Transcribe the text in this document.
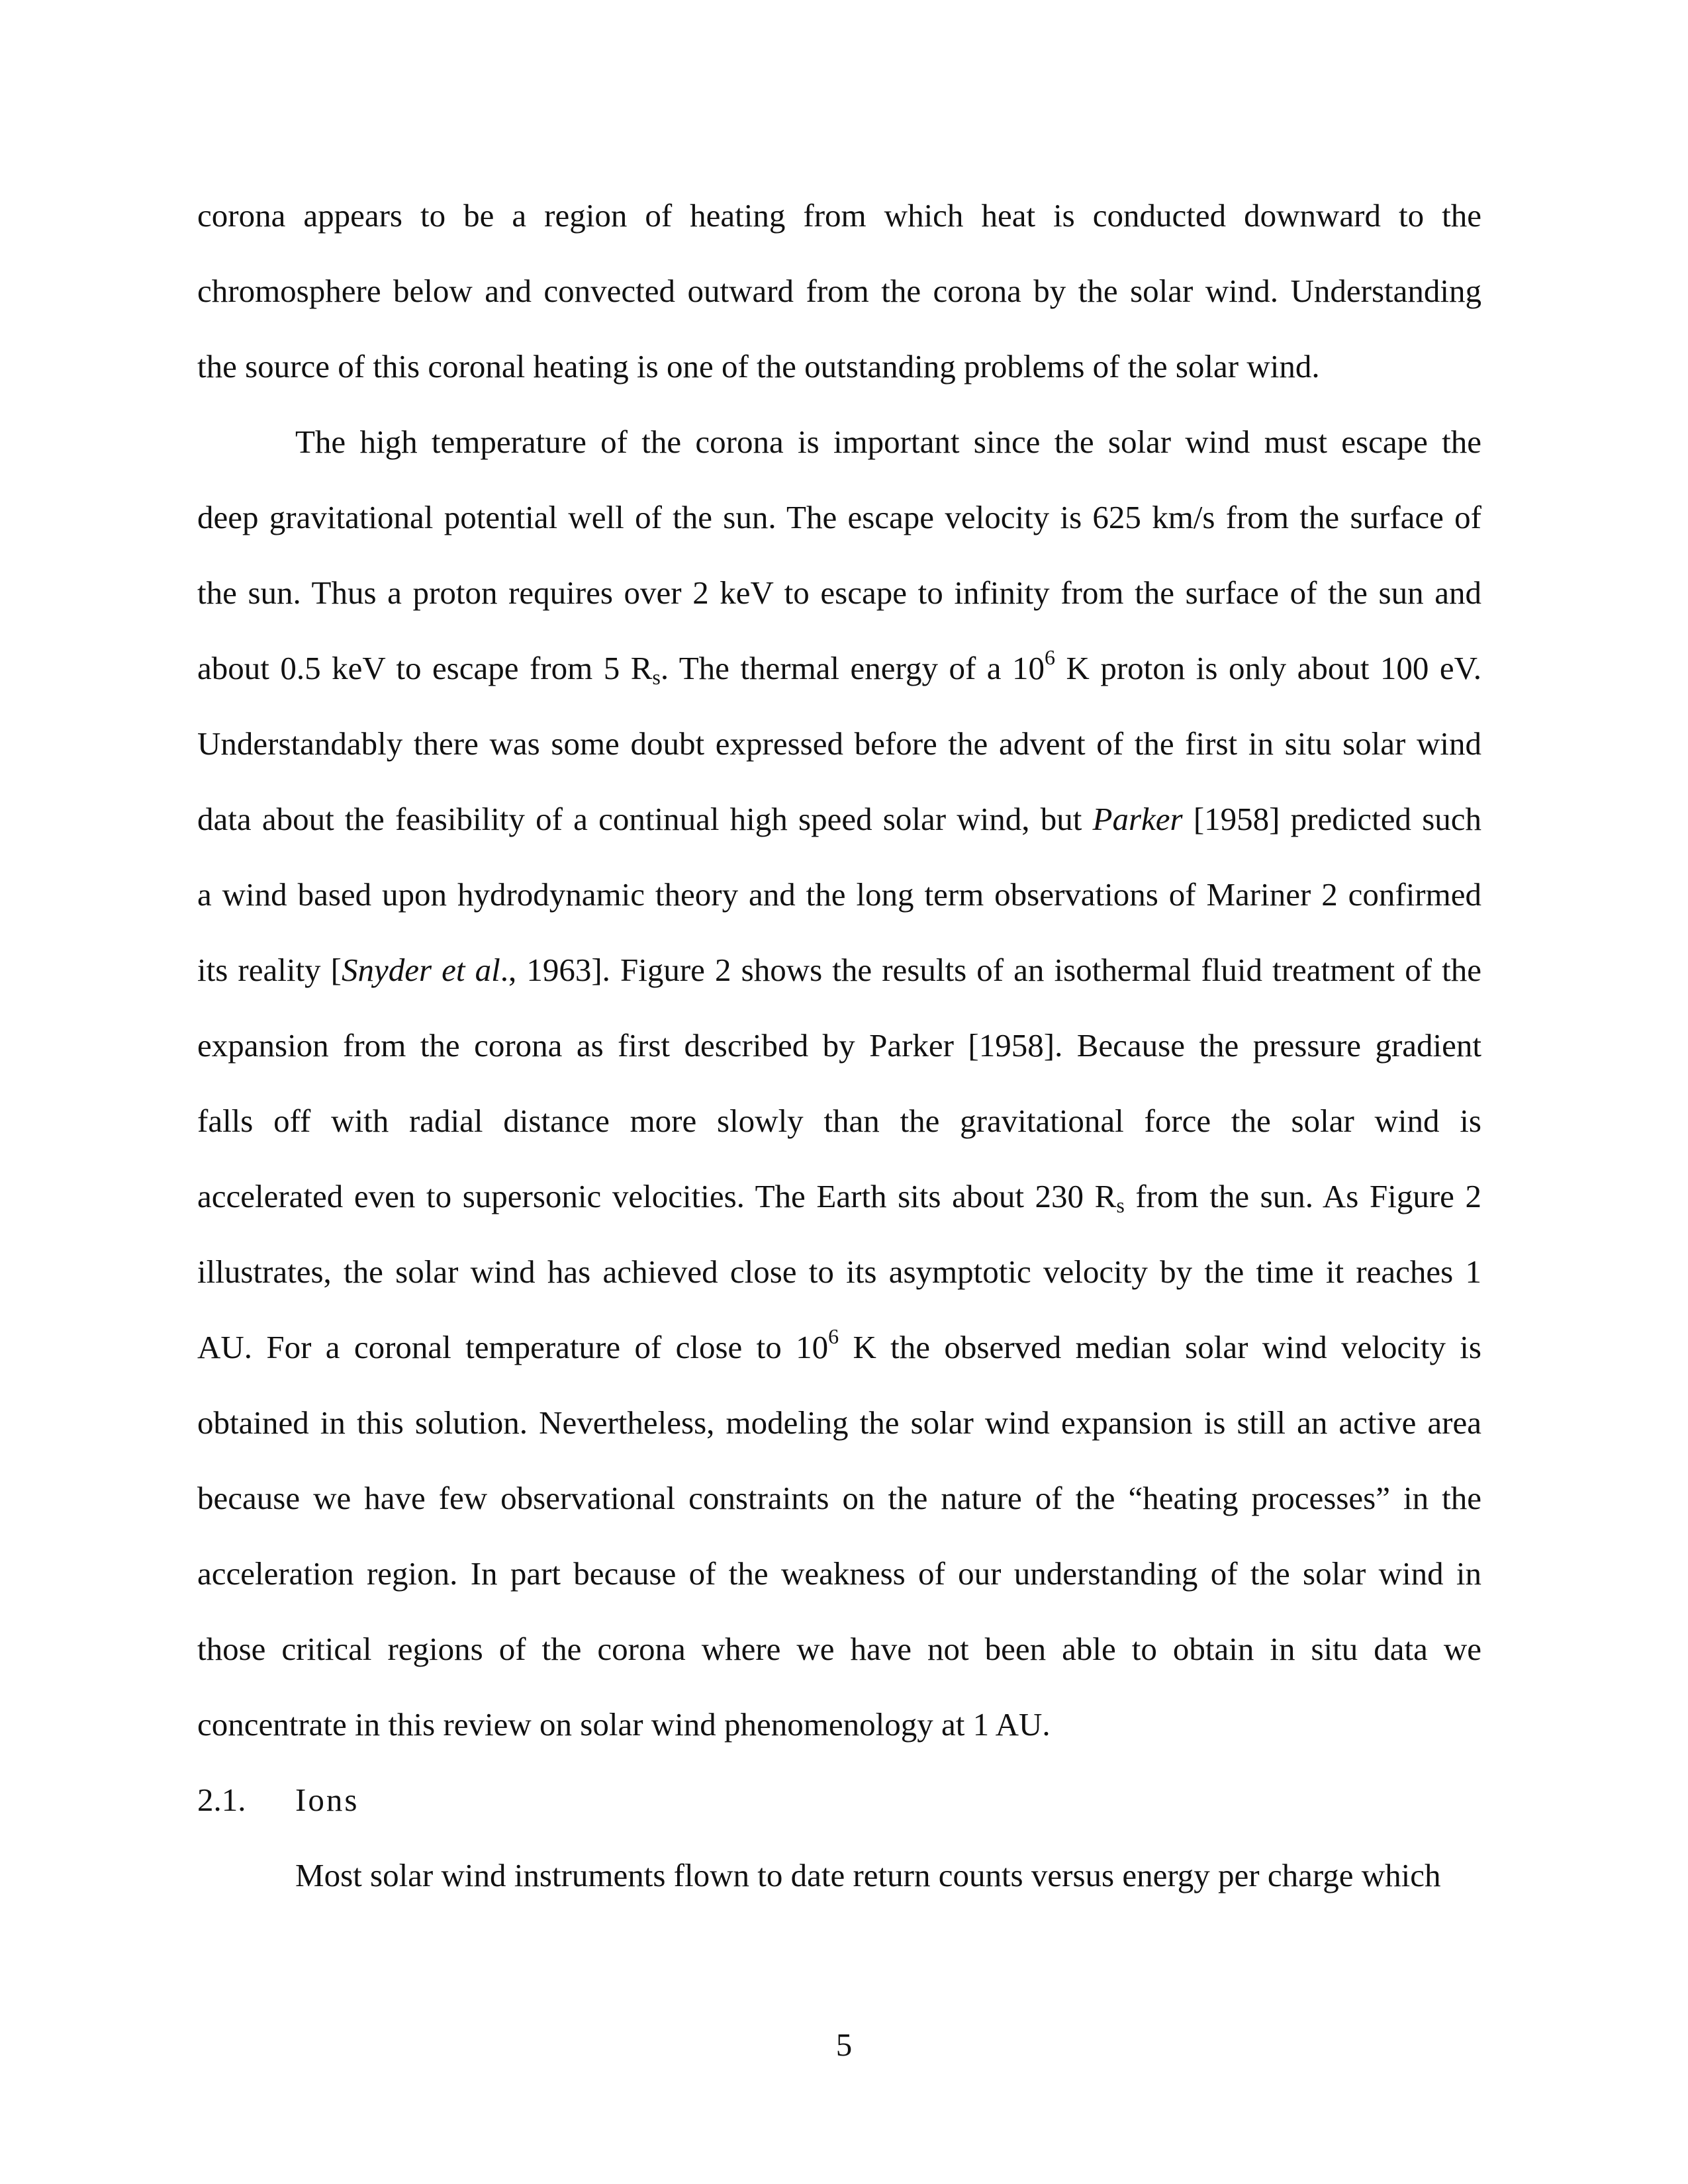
corona appears to be a region of heating from which heat is conducted downward to the
chromosphere below and convected outward from the corona by the solar wind. Understanding
the source of this coronal heating is one of the outstanding problems of the solar wind.
The high temperature of the corona is important since the solar wind must escape the
deep gravitational potential well of the sun. The escape velocity is 625 km/s from the surface of
the sun. Thus a proton requires over 2 keV to escape to infinity from the surface of the sun and
about 0.5 keV to escape from 5 $R_s$. The thermal energy of a $10^6$ K proton is only about 100 eV.
Understandably there was some doubt expressed before the advent of the first in situ solar wind
data about the feasibility of a continual high speed solar wind, but Parker [1958] predicted such
a wind based upon hydrodynamic theory and the long term observations of Mariner 2 confirmed
its reality [Snyder et al., 1963]. Figure 2 shows the results of an isothermal fluid treatment of the
expansion from the corona as first described by Parker [1958]. Because the pressure gradient
falls off with radial distance more slowly than the gravitational force the solar wind is
accelerated even to supersonic velocities. The Earth sits about 230 $R_s$ from the sun. As Figure 2
illustrates, the solar wind has achieved close to its asymptotic velocity by the time it reaches 1
AU. For a coronal temperature of close to $10^6$ K the observed median solar wind velocity is
obtained in this solution. Nevertheless, modeling the solar wind expansion is still an active area
because we have few observational constraints on the nature of the “heating processes” in the
acceleration region. In part because of the weakness of our understanding of the solar wind in
those critical regions of the corona where we have not been able to obtain in situ data we
concentrate in this review on solar wind phenomenology at 1 AU.
2.1. Ions
Most solar wind instruments flown to date return counts versus energy per charge which
5
